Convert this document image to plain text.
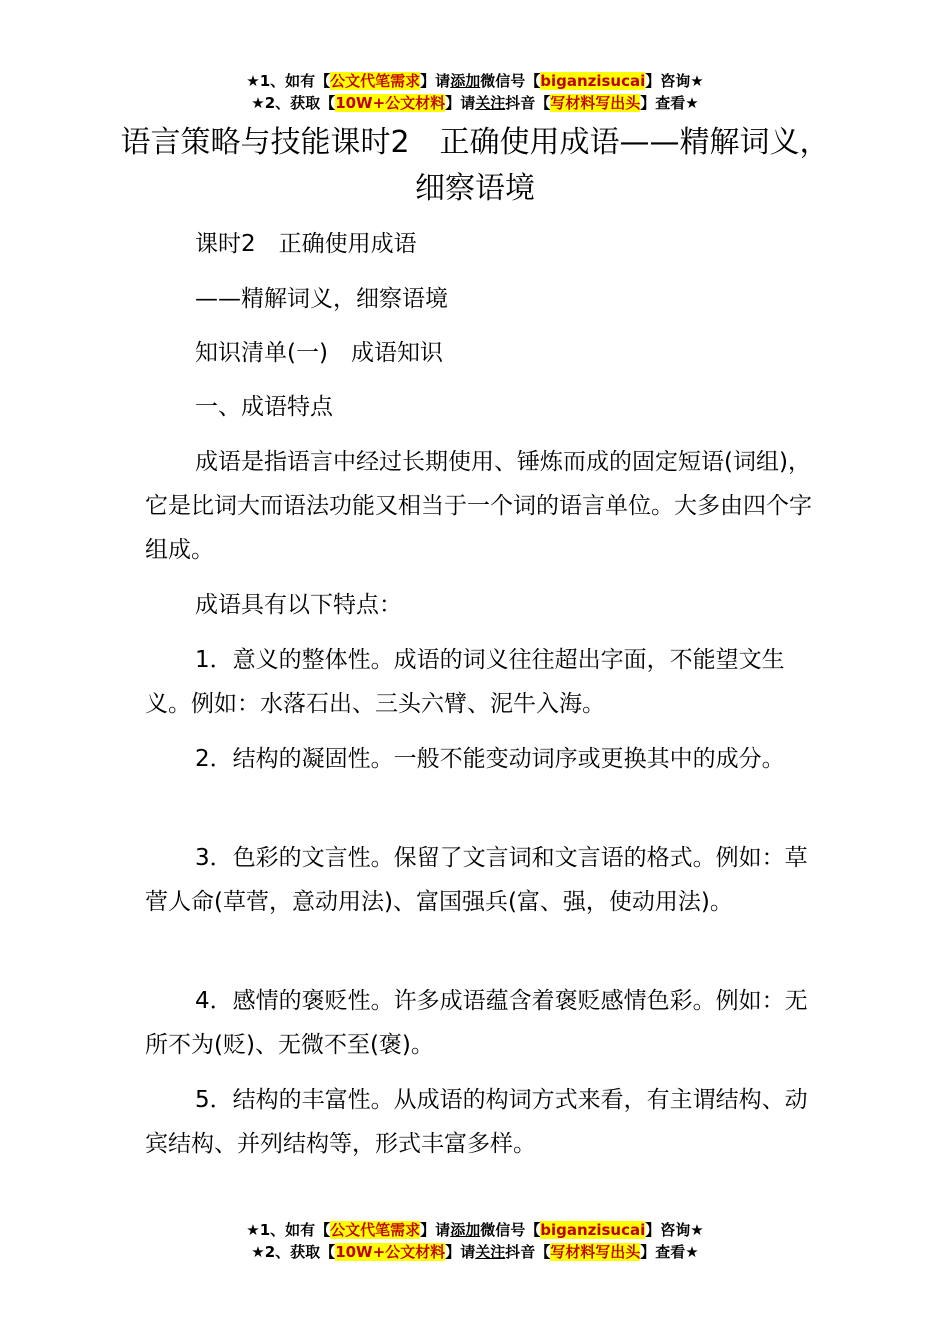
★1、如有【公文代笔需求】请添加微信号【biganzisucai】咨询★
★2、获取【10W+公文材料】请关注抖音【写材料写出头】查看★
语言策略与技能课时2　正确使用成语——精解词义，细察语境

课时2　正确使用成语

——精解词义，细察语境

知识清单(一)　成语知识

一、成语特点

成语是指语言中经过长期使用、锤炼而成的固定短语(词组)，它是比词大而语法功能又相当于一个词的语言单位。大多由四个字组成。

成语具有以下特点：

1．意义的整体性。成语的词义往往超出字面，不能望文生义。例如：水落石出、三头六臂、泥牛入海。

2．结构的凝固性。一般不能变动词序或更换其中的成分。

3．色彩的文言性。保留了文言词和文言语的格式。例如：草菅人命(草菅，意动用法)、富国强兵(富、强，使动用法)。

4．感情的褒贬性。许多成语蕴含着褒贬感情色彩。例如：无所不为(贬)、无微不至(褒)。

5．结构的丰富性。从成语的构词方式来看，有主谓结构、动宾结构、并列结构等，形式丰富多样。

★1、如有【公文代笔需求】请添加微信号【biganzisucai】咨询★
★2、获取【10W+公文材料】请关注抖音【写材料写出头】查看★
